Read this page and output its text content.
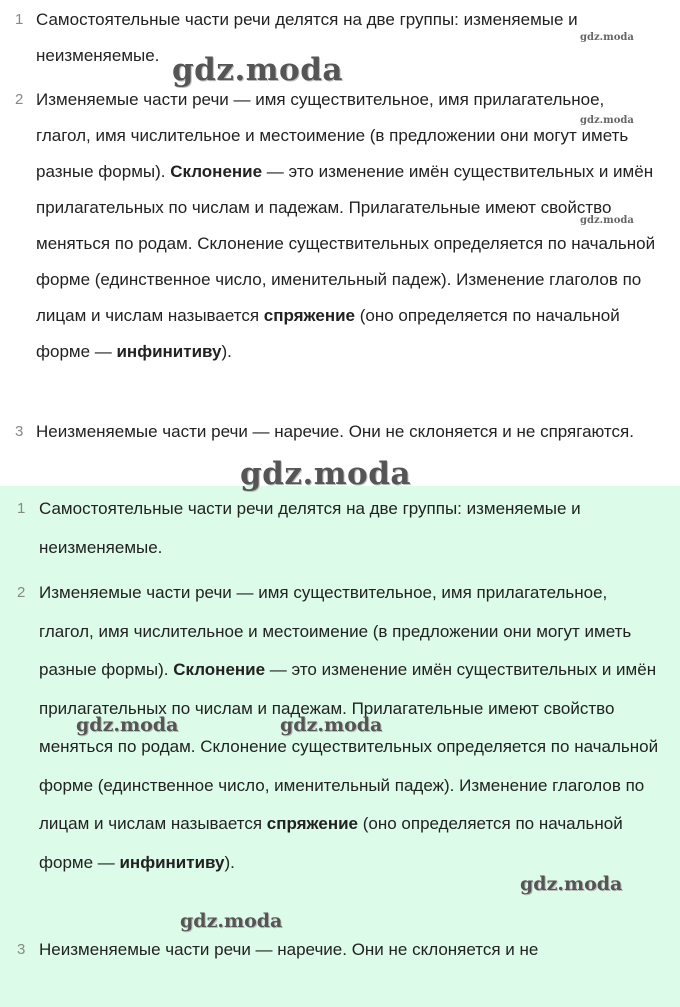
1 Самостоятельные части речи делятся на две группы: изменяемые и неизменяемые.
2 Изменяемые части речи — имя существительное, имя прилагательное, глагол, имя числительное и местоимение (в предложении они могут иметь разные формы). Склонение — это изменение имён существительных и имён прилагательных по числам и падежам. Прилагательные имеют свойство меняться по родам. Склонение существительных определяется по начальной форме (единственное число, именительный падеж). Изменение глаголов по лицам и числам называется спряжение (оно определяется по начальной форме — инфинитиву).
3 Неизменяемые части речи — наречие. Они не склоняется и не спрягаются.
1 Самостоятельные части речи делятся на две группы: изменяемые и неизменяемые.
2 Изменяемые части речи — имя существительное, имя прилагательное, глагол, имя числительное и местоимение (в предложении они могут иметь разные формы). Склонение — это изменение имён существительных и имён прилагательных по числам и падежам. Прилагательные имеют свойство меняться по родам. Склонение существительных определяется по начальной форме (единственное число, именительный падеж). Изменение глаголов по лицам и числам называется спряжение (оно определяется по начальной форме — инфинитиву).
3 Неизменяемые части речи — наречие. Они не склоняется и не
gdz.moda
gdz.moda
gdz.moda
gdz.moda
gdz.moda
gdz.moda	gdz.moda
gdz.moda
gdz.moda
